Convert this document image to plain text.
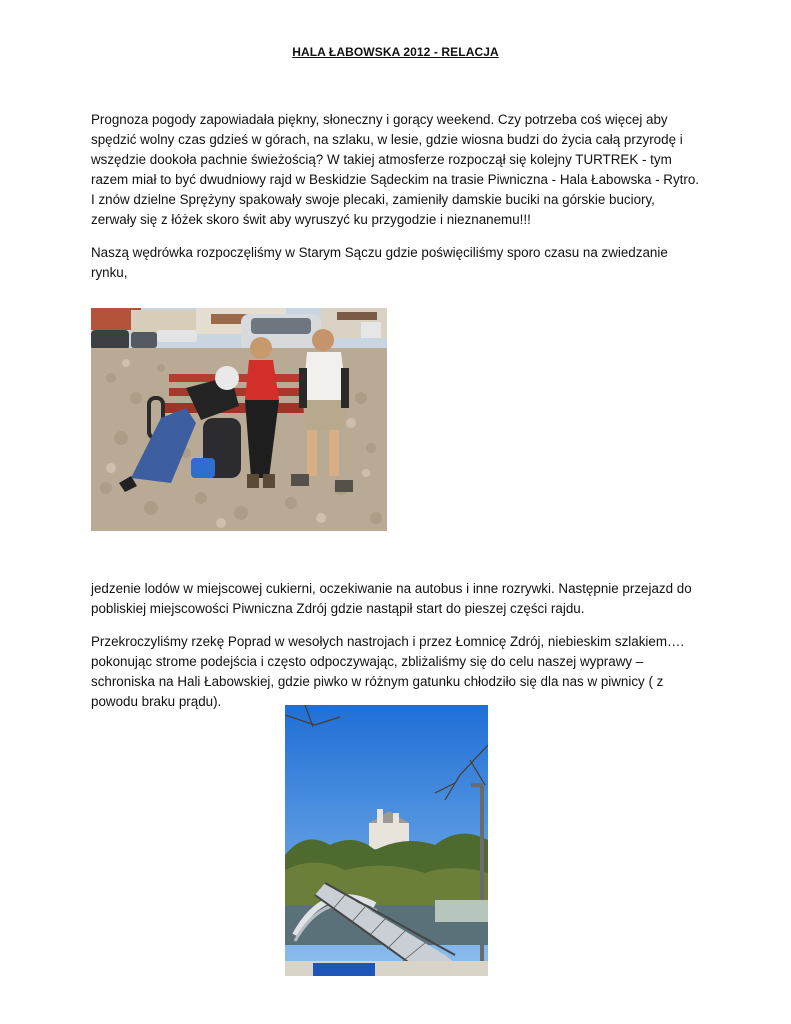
HALA ŁABOWSKA 2012 - RELACJA

Prognoza pogody zapowiadała piękny, słoneczny i gorący weekend. Czy potrzeba coś więcej aby spędzić wolny czas gdzieś w górach, na szlaku, w lesie, gdzie wiosna budzi do życia całą przyrodę i wszędzie dookoła pachnie świeżością? W takiej atmosferze rozpoczął się kolejny TURTREK - tym razem miał to być dwudniowy rajd w Beskidzie Sądeckim na trasie Piwniczna - Hala Łabowska - Rytro. I znów dzielne Sprężyny spakowały swoje plecaki, zamieniły damskie buciki na górskie buciory, zerwały się z łóżek skoro świt aby wyruszyć ku przygodzie i nieznanemu!!!

Naszą wędrówka rozpoczęliśmy w Starym Sączu gdzie poświęciliśmy sporo czasu na zwiedzanie rynku,

jedzenie lodów w miejscowej cukierni, oczekiwanie na autobus i inne rozrywki. Następnie przejazd do pobliskiej miejscowości Piwniczna Zdrój gdzie nastąpił start do pieszej części rajdu.

Przekroczyliśmy rzekę Poprad w wesołych nastrojach i przez Łomnicę Zdrój, niebieskim szlakiem…. pokonując strome podejścia i często odpoczywając, zbliżaliśmy się do celu naszej wyprawy – schroniska na Hali Łabowskiej, gdzie piwko w różnym gatunku chłodziło się dla nas w piwnicy ( z powodu braku prądu).
